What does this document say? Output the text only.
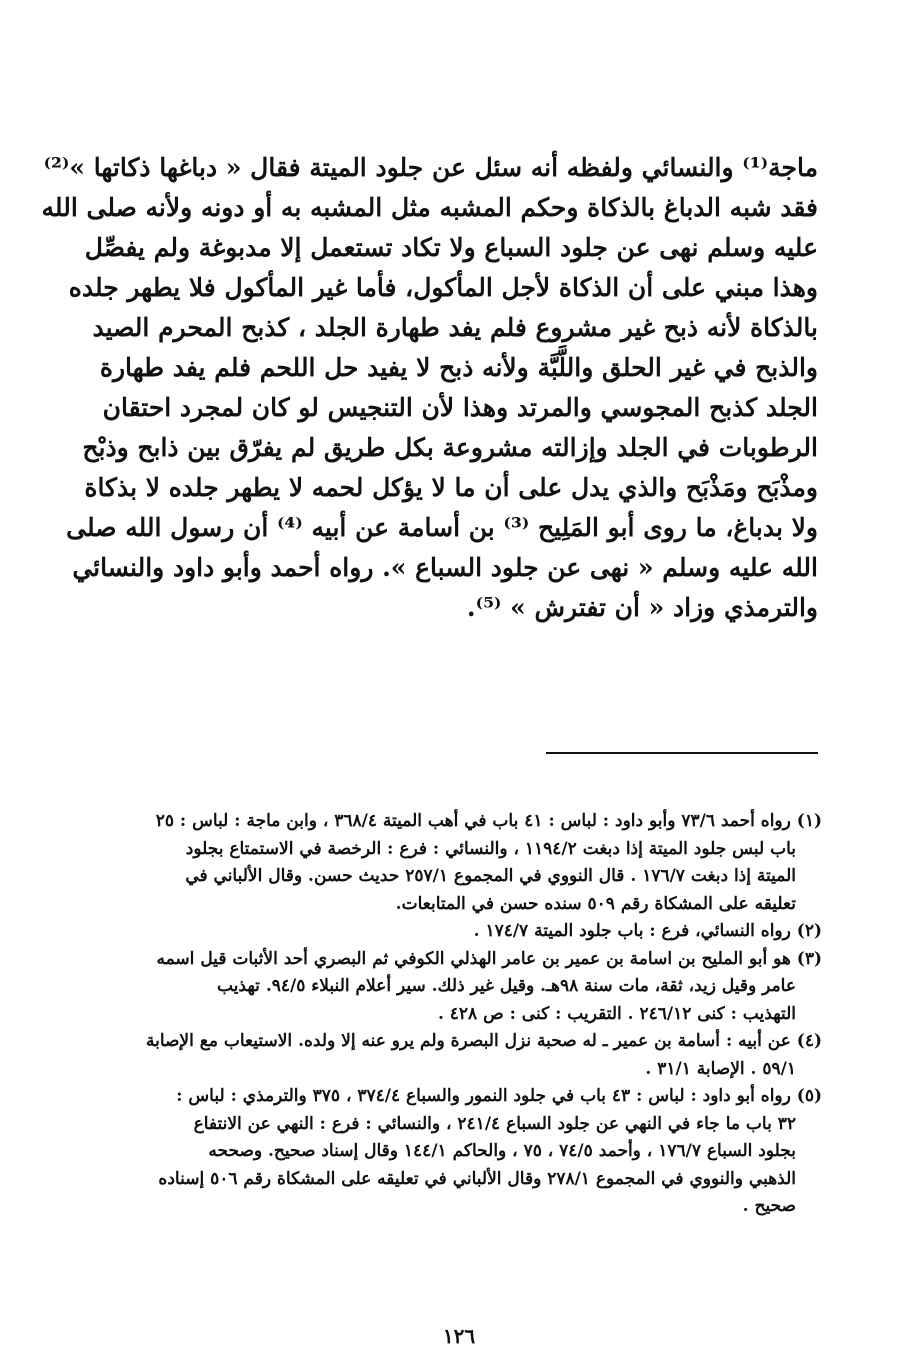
ماجة⁽¹⁾ والنسائي ولفظه أنه سئل عن جلود الميتة فقال « دباغها ذكاتها »⁽²⁾
فقد شبه الدباغ بالذكاة وحكم المشبه مثل المشبه به أو دونه ولأنه صلى الله
عليه وسلم نهى عن جلود السباع ولا تكاد تستعمل إلا مدبوغة ولم يفصِّل
وهذا مبني على أن الذكاة لأجل المأكول، فأما غير المأكول فلا يطهر جلده
بالذكاة لأنه ذبح غير مشروع فلم يفد طهارة الجلد ، كذبح المحرم الصيد
والذبح في غير الحلق واللَّبَّة ولأنه ذبح لا يفيد حل اللحم فلم يفد طهارة
الجلد كذبح المجوسي والمرتد وهذا لأن التنجيس لو كان لمجرد احتقان
الرطوبات في الجلد وإزالته مشروعة بكل طريق لم يفرّق بين ذابح وذبْح
ومذْبَح ومَذْبَح والذي يدل على أن ما لا يؤكل لحمه لا يطهر جلده لا بذكاة
ولا بدباغ، ما روى أبو المَلِيح ⁽³⁾ بن أسامة عن أبيه ⁽⁴⁾ أن رسول الله صلى
الله عليه وسلم « نهى عن جلود السباع ». رواه أحمد وأبو داود والنسائي
والترمذي وزاد « أن تفترش » ⁽⁵⁾.
(١) رواه أحمد ٧٣/٦ وأبو داود : لباس : ٤١ باب في أهب الميتة ٣٦٨/٤ ، وابن ماجة : لباس : ٢٥
باب لبس جلود الميتة إذا دبغت ١١٩٤/٢ ، والنسائي : فرع : الرخصة في الاستمتاع بجلود
الميتة إذا دبغت ١٧٦/٧ . قال النووي في المجموع ٢٥٧/١ حديث حسن. وقال الألباني في
تعليقه على المشكاة رقم ٥٠٩ سنده حسن في المتابعات.
(٢) رواه النسائي، فرع : باب جلود الميتة ١٧٤/٧ .
(٣) هو أبو المليح بن اسامة بن عمير بن عامر الهذلي الكوفي ثم البصري أحد الأثبات قيل اسمه
عامر وقيل زيد، ثقة، مات سنة ٩٨هـ. وقيل غير ذلك. سير أعلام النبلاء ٩٤/٥. تهذيب
التهذيب : كنى ٢٤٦/١٢ . التقريب : كنى : ص ٤٢٨ .
(٤) عن أبيه : أسامة بن عمير ـ له صحبة نزل البصرة ولم يرو عنه إلا ولده. الاستيعاب مع الإصابة
٥٩/١ . الإصابة ٣١/١ .
(٥) رواه أبو داود : لباس : ٤٣ باب في جلود النمور والسباع ٣٧٤/٤ ، ٣٧٥ والترمذي : لباس :
٣٢ باب ما جاء في النهي عن جلود السباع ٢٤١/٤ ، والنسائي : فرع : النهي عن الانتفاع
بجلود السباع ١٧٦/٧ ، وأحمد ٧٤/٥ ، ٧٥ ، والحاكم ١٤٤/١ وقال إسناد صحيح. وصححه
الذهبي والنووي في المجموع ٢٧٨/١ وقال الألباني في تعليقه على المشكاة رقم ٥٠٦ إسناده
صحيح .
١٢٦
